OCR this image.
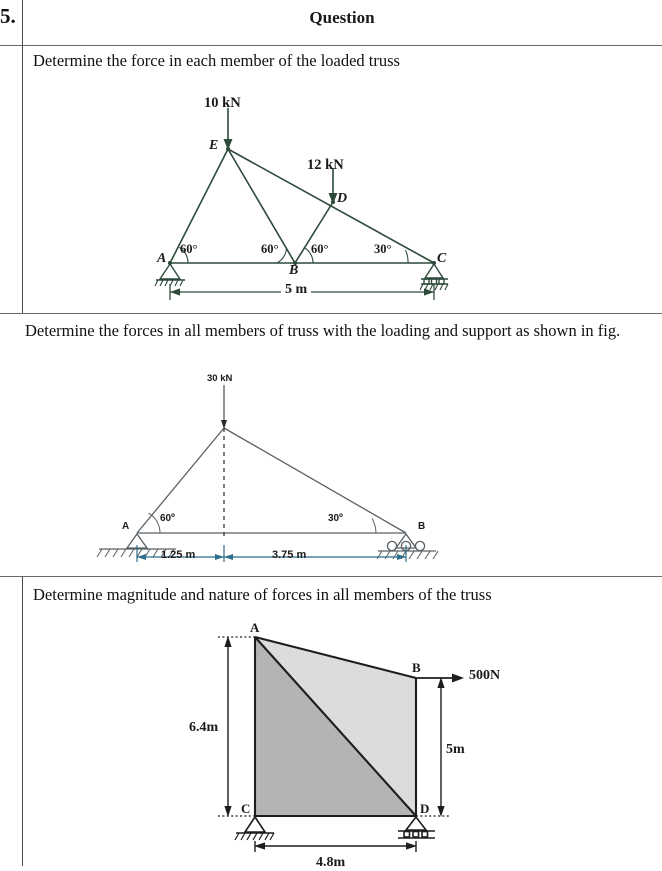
5.	Question
Determine the force in each member of the loaded truss
10 kN
12 kN
E
D
A
B
C
60°	60°	60°	30°
5 m
Determine the forces in all members of truss with the loading and support as shown in fig.
30 kN
A	B
60º	30º
1.25 m	3.75 m
Determine magnitude and nature of forces in all members of the truss
A
B
C	D
500N
6.4m
5m
4.8m
